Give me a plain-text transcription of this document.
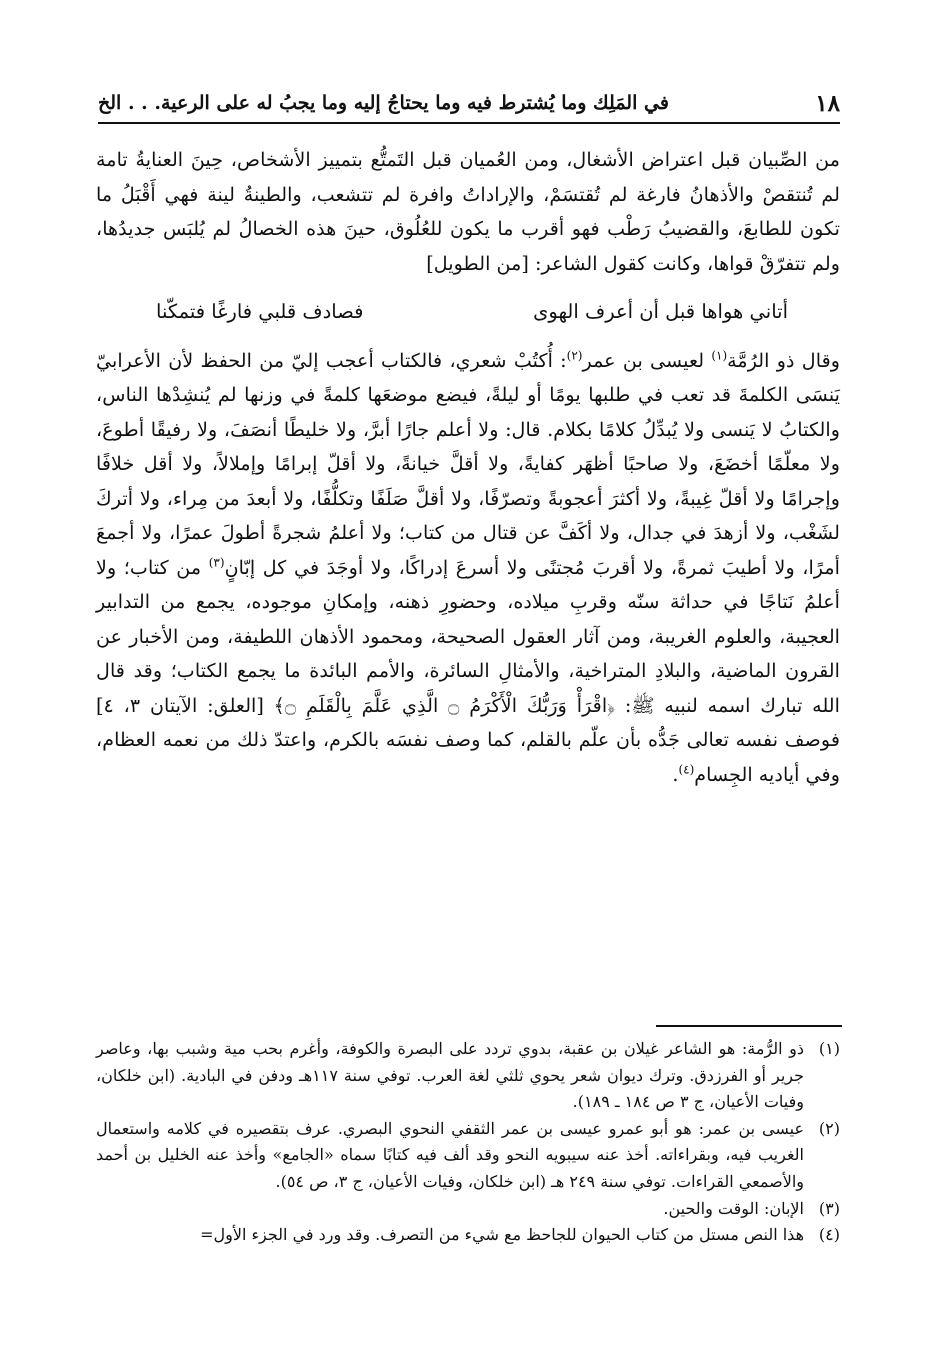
١٨
في المَلِك وما يُشترط فيه وما يحتاجُ إليه وما يجبُ له على الرعية. . . الخ

من الصِّبيان قبل اعتراض الأشغال، ومن العُميان قبل التَمتُّع بتمييز الأشخاص، حِينَ العنايةُ تامة لم تُنتقصْ والأذهانُ فارغة لم تُقتسَمْ، والإراداتُ وافرة لم تتشعب، والطينةُ لينة فهي أَقْبَلُ ما تكون للطابعَ، والقضيبُ رَطْب فهو أقرب ما يكون للعُلُوق، حينَ هذه الخصالُ لم يُلبَس جديدُها، ولم تتفرّقْ قواها، وكانت كقول الشاعر: [من الطويل]

أتاني هواها قبل أن أعرف الهوى
فصادف قلبي فارغًا فتمكّنا

وقال ذو الرُمَّة$^{(١)}$ لعيسى بن عمر$^{(٢)}$: أُكتُبْ شعري، فالكتاب أعجب إليّ من الحفظ لأن الأعرابيّ يَنسَى الكلمةَ قد تعب في طلبها يومًا أو ليلةً، فيضع موضعَها كلمةً في وزنها لم يُنشِدْها الناس، والكتابُ لا يَنسى ولا يُبدِّلُ كلامًا بكلام. قال: ولا أعلم جارًا أبرَّ، ولا خليطًا أنصَفَ، ولا رفيقًا أطوعَ، ولا معلّمًا أخضَعَ، ولا صاحبًا أظهَر كفايةً، ولا أقلَّ خيانةً، ولا أقلّ إبرامًا وإملالاً، ولا أقل خلافًا وإجرامًا ولا أقلّ غِيبةً، ولا أكثرَ أعجوبةً وتصرّفًا، ولا أقلَّ صَلَفًا وتكلُّفًا، ولا أبعدَ من مِراء، ولا أتركَ لشَغْب، ولا أزهدَ في جدال، ولا أكَفَّ عن قتال من كتاب؛ ولا أعلمُ شجرةً أطولَ عمرًا، ولا أجمعَ أمرًا، ولا أطيبَ ثمرةً، ولا أقربَ مُجتنًى ولا أسرعَ إدراكًا، ولا أوجَدَ في كل إبّانٍ$^{(٣)}$ من كتاب؛ ولا أعلمُ نَتاجًا في حداثة سنّه وقربِ ميلاده، وحضورِ ذهنه، وإمكانِ موجوده، يجمع من التدابير العجيبة، والعلوم الغريبة، ومن آثار العقول الصحيحة، ومحمود الأذهان اللطيفة، ومن الأخبار عن القرون الماضية، والبلادِ المتراخية، والأمثالِ السائرة، والأمم البائدة ما يجمع الكتاب؛ وقد قال الله تبارك اسمه لنبيه ﷺ: ﴿اقْرَأْ وَرَبُّكَ الْأَكْرَمُ ۝ الَّذِي عَلَّمَ بِالْقَلَمِ ۝﴾ [العلق: الآيتان ٣، ٤] فوصف نفسه تعالى جَدُّه بأن علّم بالقلم، كما وصف نفسَه بالكرم، واعتدّ ذلك من نعمه العظام، وفي أياديه الجِسام$^{(٤)}$.

(١)
ذو الرُّمة: هو الشاعر غيلان بن عقبة، بدوي تردد على البصرة والكوفة، وأغرم بحب مية وشبب بها، وعاصر جرير أو الفرزدق. وترك ديوان شعر يحوي ثلثي لغة العرب. توفي سنة ١١٧هـ ودفن في البادية. (ابن خلكان، وفيات الأعيان، ج ٣ ص ١٨٤ ـ ١٨٩).
(٢)
عيسى بن عمر: هو أبو عمرو عيسى بن عمر الثقفي النحوي البصري. عرف بتقصيره في كلامه واستعمال الغريب فيه، وبقراءاته. أخذ عنه سيبويه النحو وقد ألف فيه كتابًا سماه «الجامع» وأخذ عنه الخليل بن أحمد والأصمعي القراءات. توفي سنة ٢٤٩ هـ (ابن خلكان، وفيات الأعيان، ج ٣، ص ٥٤).
(٣)
الإبان: الوقت والحين.
(٤)
هذا النص مستل من كتاب الحيوان للجاحظ مع شيء من التصرف. وقد ورد في الجزء الأول=
